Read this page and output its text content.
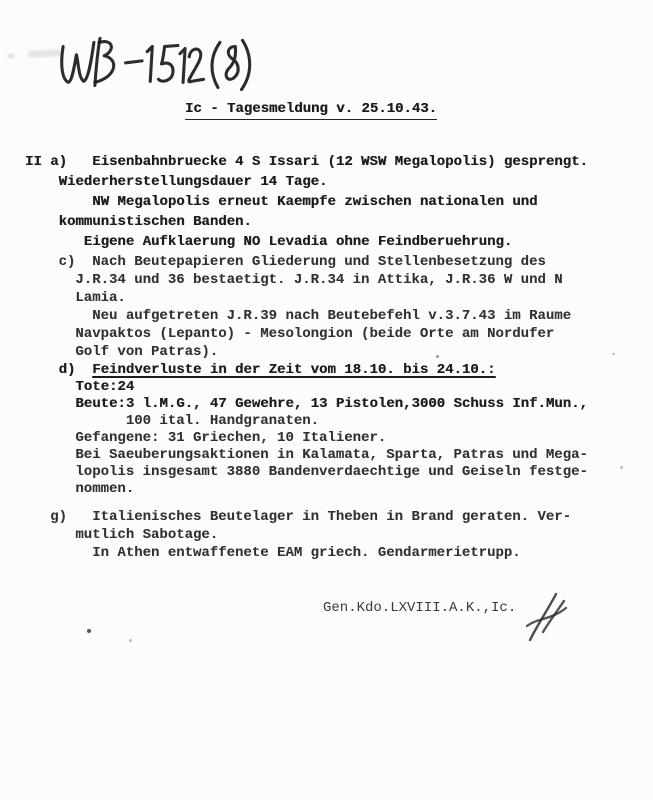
Ic - Tagesmeldung v. 25.10.43.
II a)   Eisenbahnbruecke 4 S Issari (12 WSW Megalopolis) gesprengt.
Wiederherstellungsdauer 14 Tage.
NW Megalopolis erneut Kaempfe zwischen nationalen und
kommunistischen Banden.
Eigene Aufklaerung NO Levadia ohne Feindberuehrung.
c)  Nach Beutepapieren Gliederung und Stellenbesetzung des
J.R.34 und 36 bestaetigt. J.R.34 in Attika, J.R.36 W und N
Lamia.
Neu aufgetreten J.R.39 nach Beutebefehl v.3.7.43 im Raume
Navpaktos (Lepanto) - Mesolongion (beide Orte am Nordufer
Golf von Patras).
d)  Feindverluste in der Zeit vom 18.10. bis 24.10.:
Tote:24
Beute:3 l.M.G., 47 Gewehre, 13 Pistolen,3000 Schuss Inf.Mun.,
100 ital. Handgranaten.
Gefangene: 31 Griechen, 10 Italiener.
Bei Saeuberungsaktionen in Kalamata, Sparta, Patras und Mega-
lopolis insgesamt 3880 Bandenverdaechtige und Geiseln festge-
nommen.
g)   Italienisches Beutelager in Theben in Brand geraten. Ver-
mutlich Sabotage.
In Athen entwaffenete EAM griech. Gendarmerietrupp.
Gen.Kdo.LXVIII.A.K.,Ic.
